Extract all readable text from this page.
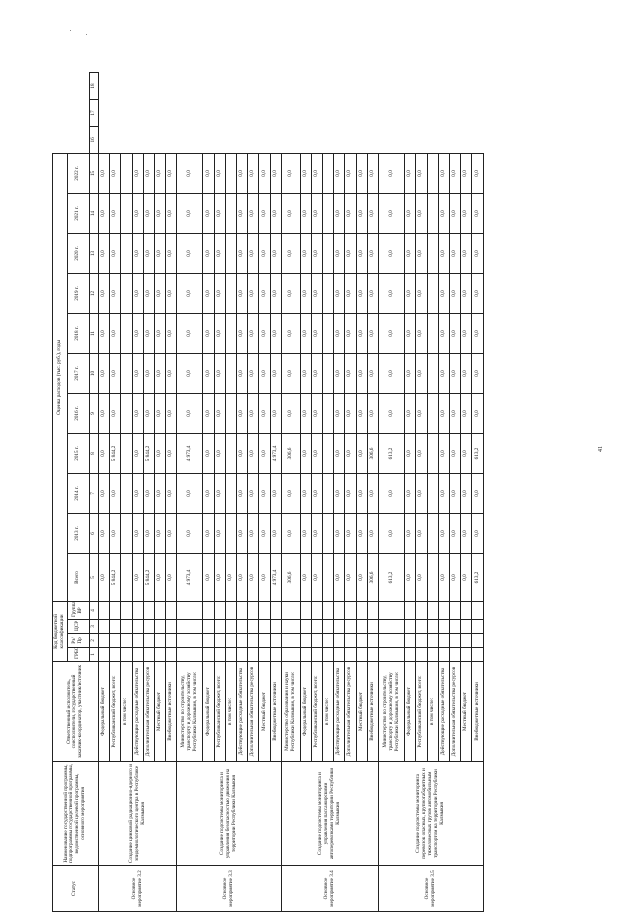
Статус	Наименование государственной программы, подпрограммы государственной программы, ведомственной целевой программы, основного мероприятия	Ответственный исполнитель, соисполнители, государственный заказчик-координатор, участник/источник	Код бюджетной классификации				Оценка расходов (тыс. руб.), годы													
			ГРБС	Рз/Пр	ЦСР	Группа ВР	Всего	2013 г.	2014 г.	2015 г.	2016 г.	2017 г.	2018 г.	2019 г.	2020 г.	2021 г.	2022 г.			
			1	2	3	4	5	6	7	8	9	10	11	12	13	14	15	16	17	18
Основное мероприятие 3.2	Создание цинковой радиационно-ядерного и эпидемиологического центра в Республике Калмыкия	Федеральный бюджет					0,0	0,0	0,0	0,0	0,0	0,0	0,0	0,0	0,0	0,0	0,0			
		Республиканский бюджет, всего:					5 844,2	0,0	0,0	5 844,2	0,0	0,0	0,0	0,0	0,0	0,0	0,0			
		в том числе:																		
		Действующие расходные обязательства					0,0	0,0	0,0	0,0	0,0	0,0	0,0	0,0	0,0	0,0	0,0			
		Дополнительная обязательства ресурсов					5 844,2	0,0	0,0	5 844,2	0,0	0,0	0,0	0,0	0,0	0,0	0,0			
		Местный бюджет					0,0	0,0	0,0	0,0	0,0	0,0	0,0	0,0	0,0	0,0	0,0			
		Внебюджетные источники					0,0	0,0	0,0	0,0	0,0	0,0	0,0	0,0	0,0	0,0	0,0			
Основное мероприятие 3.3	Создание подсистемы мониторинга и управления безопасностью движения на территории Республики Калмыкия	Министерство по строительству, транспорту и дорожному хозяйству Республики Калмыкия, в том числе:					4 973,4	0,0	0,0	4 973,4	0,0	0,0	0,0	0,0	0,0	0,0	0,0			
		Федеральный бюджет					0,0	0,0	0,0	0,0	0,0	0,0	0,0	0,0	0,0	0,0	0,0			
		Республиканский бюджет, всего:					0,0	0,0	0,0	0,0	0,0	0,0	0,0	0,0	0,0	0,0	0,0			
		в том числе:					0,0													
		Действующие расходные обязательства					0,0	0,0	0,0	0,0	0,0	0,0	0,0	0,0	0,0	0,0	0,0			
		Дополнительная обязательства ресурсов					0,0	0,0	0,0	0,0	0,0	0,0	0,0	0,0	0,0	0,0	0,0			
		Местный бюджет					0,0	0,0	0,0	0,0	0,0	0,0	0,0	0,0	0,0	0,0	0,0			
		Внебюджетные источники					4 973,4	0,0	0,0	4 973,4	0,0	0,0	0,0	0,0	0,0	0,0	0,0			
Основное мероприятие 3.4	Создание подсистемы мониторинга и управления пассажирскими автоперевозками территории Республики Калмыкия	Министерство образования и науки Республики Калмыкия, в том числе:					306,6	0,0	0,0	306,6	0,0	0,0	0,0	0,0	0,0	0,0	0,0			
		Федеральный бюджет					0,0	0,0	0,0	0,0	0,0	0,0	0,0	0,0	0,0	0,0	0,0			
		Республиканский бюджет, всего:					0,0	0,0	0,0	0,0	0,0	0,0	0,0	0,0	0,0	0,0	0,0			
		в том числе:																		
		Действующие расходные обязательства					0,0	0,0	0,0	0,0	0,0	0,0	0,0	0,0	0,0	0,0	0,0			
		Дополнительная обязательства ресурсов					0,0	0,0	0,0	0,0	0,0	0,0	0,0	0,0	0,0	0,0	0,0			
		Местный бюджет					0,0	0,0	0,0	0,0	0,0	0,0	0,0	0,0	0,0	0,0	0,0			
		Внебюджетные источники					306,6	0,0	0,0	306,6	0,0	0,0	0,0	0,0	0,0	0,0	0,0			
Основное мероприятие 3.5	Создание подсистемы мониторинга перевозок опасных, крупногабаритных и тяжеловесных грузов автомобильным транспортом на территории Республики Калмыкия	Министерство по строительству, транспорту и дорожному хозяйству Республики Калмыкия, в том числе:					613,2	0,0	0,0	613,2	0,0	0,0	0,0	0,0	0,0	0,0	0,0			
		Федеральный бюджет					0,0	0,0	0,0	0,0	0,0	0,0	0,0	0,0	0,0	0,0	0,0			
		Республиканский бюджет, всего:					0,0	0,0	0,0	0,0	0,0	0,0	0,0	0,0	0,0	0,0	0,0			
		в том числе:																		
		Действующие расходные обязательства					0,0	0,0	0,0	0,0	0,0	0,0	0,0	0,0	0,0	0,0	0,0			
		Дополнительная обязательства ресурсов					0,0	0,0	0,0	0,0	0,0	0,0	0,0	0,0	0,0	0,0	0,0			
		Местный бюджет					0,0	0,0	0,0	0,0	0,0	0,0	0,0	0,0	0,0	0,0	0,0			
		Внебюджетные источники					613,2	0,0	0,0	613,2	0,0	0,0	0,0	0,0	0,0	0,0	0,0			
41
